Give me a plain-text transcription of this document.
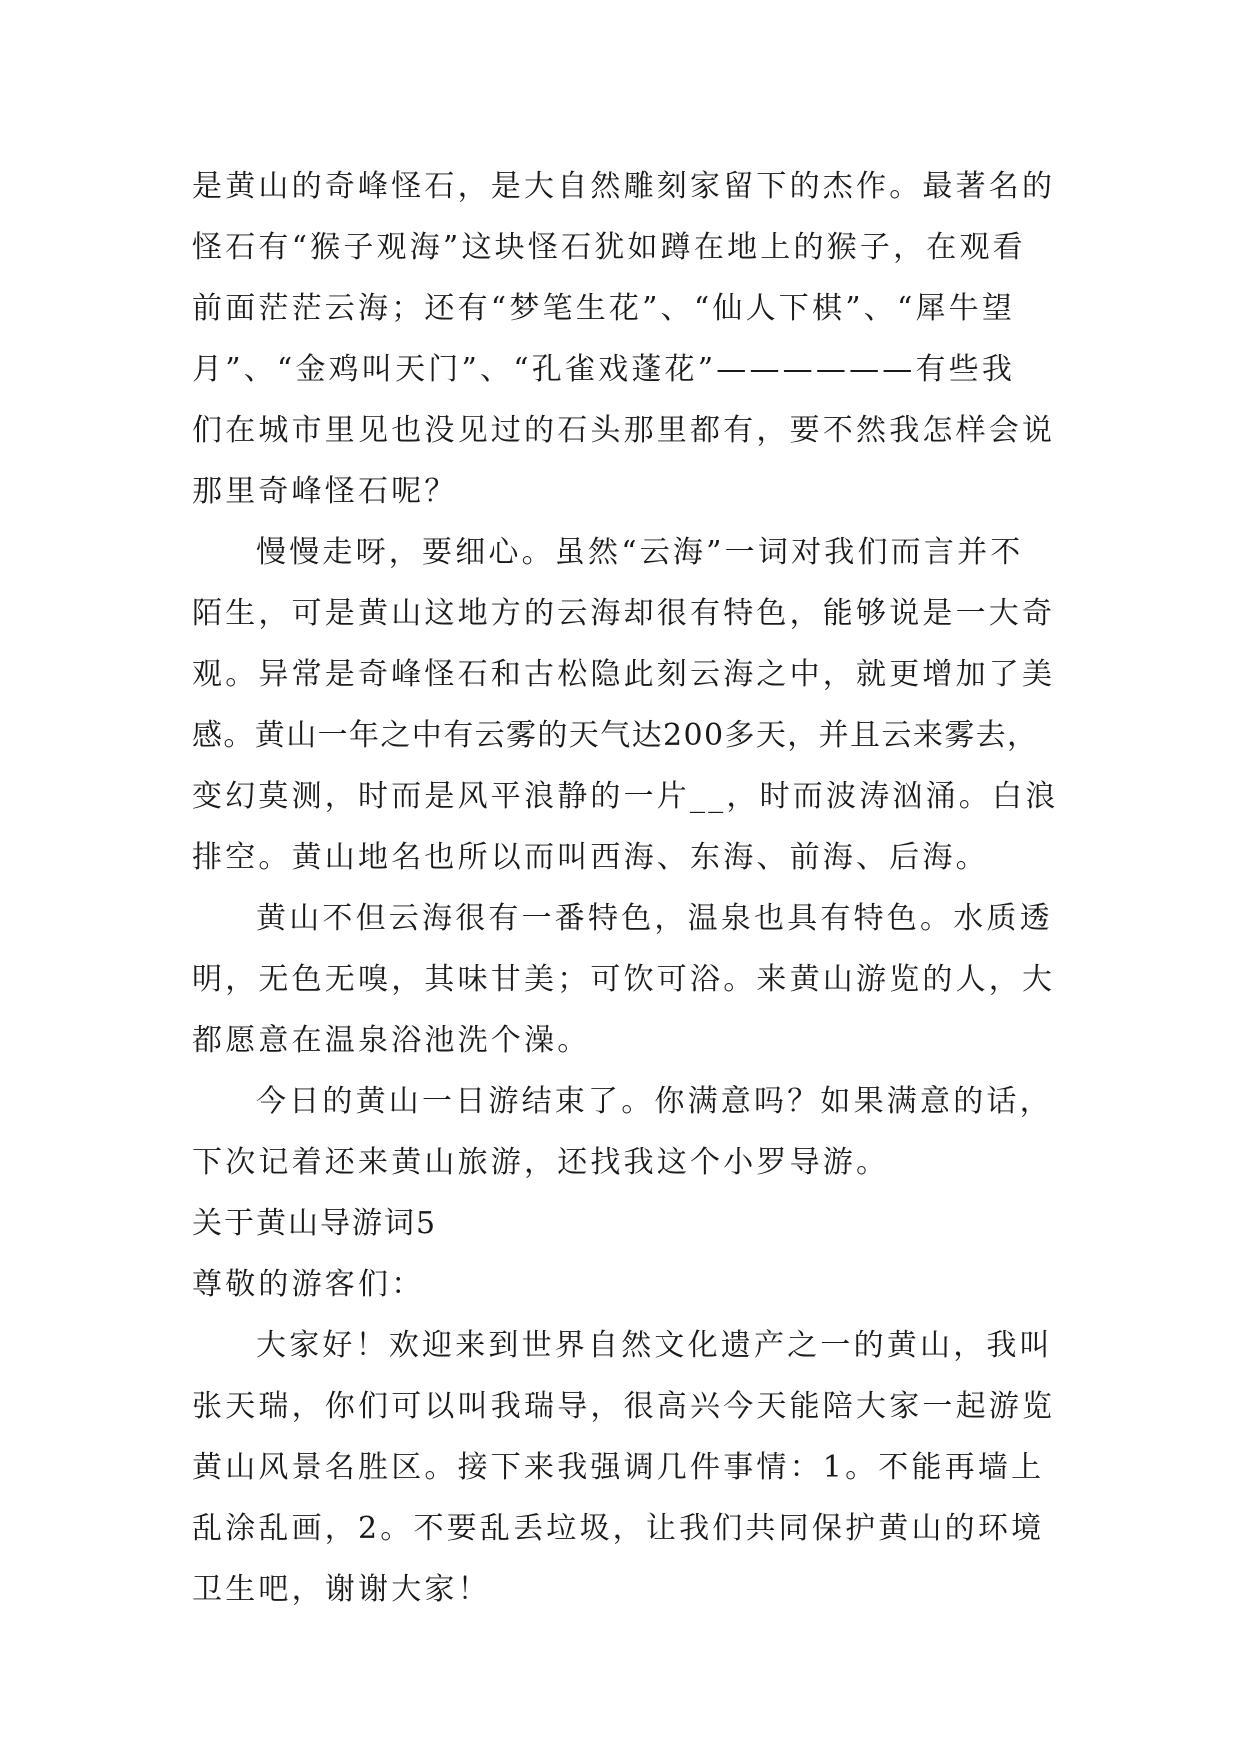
是黄山的奇峰怪石，是大自然雕刻家留下的杰作。最著名的
怪石有“猴子观海”这块怪石犹如蹲在地上的猴子，在观看
前面茫茫云海；还有“梦笔生花”、“仙人下棋”、“犀牛望
月”、“金鸡叫天门”、“孔雀戏蓬花”——————有些我
们在城市里见也没见过的石头那里都有，要不然我怎样会说
那里奇峰怪石呢？
慢慢走呀，要细心。虽然“云海”一词对我们而言并不
陌生，可是黄山这地方的云海却很有特色，能够说是一大奇
观。异常是奇峰怪石和古松隐此刻云海之中，就更增加了美
感。黄山一年之中有云雾的天气达200多天，并且云来雾去，
变幻莫测，时而是风平浪静的一片__，时而波涛汹涌。白浪
排空。黄山地名也所以而叫西海、东海、前海、后海。
黄山不但云海很有一番特色，温泉也具有特色。水质透
明，无色无嗅，其味甘美；可饮可浴。来黄山游览的人，大
都愿意在温泉浴池洗个澡。
今日的黄山一日游结束了。你满意吗？如果满意的话，
下次记着还来黄山旅游，还找我这个小罗导游。
关于黄山导游词5
尊敬的游客们：
大家好！欢迎来到世界自然文化遗产之一的黄山，我叫
张天瑞，你们可以叫我瑞导，很高兴今天能陪大家一起游览
黄山风景名胜区。接下来我强调几件事情：1。不能再墙上
乱涂乱画，2。不要乱丢垃圾，让我们共同保护黄山的环境
卫生吧，谢谢大家！
